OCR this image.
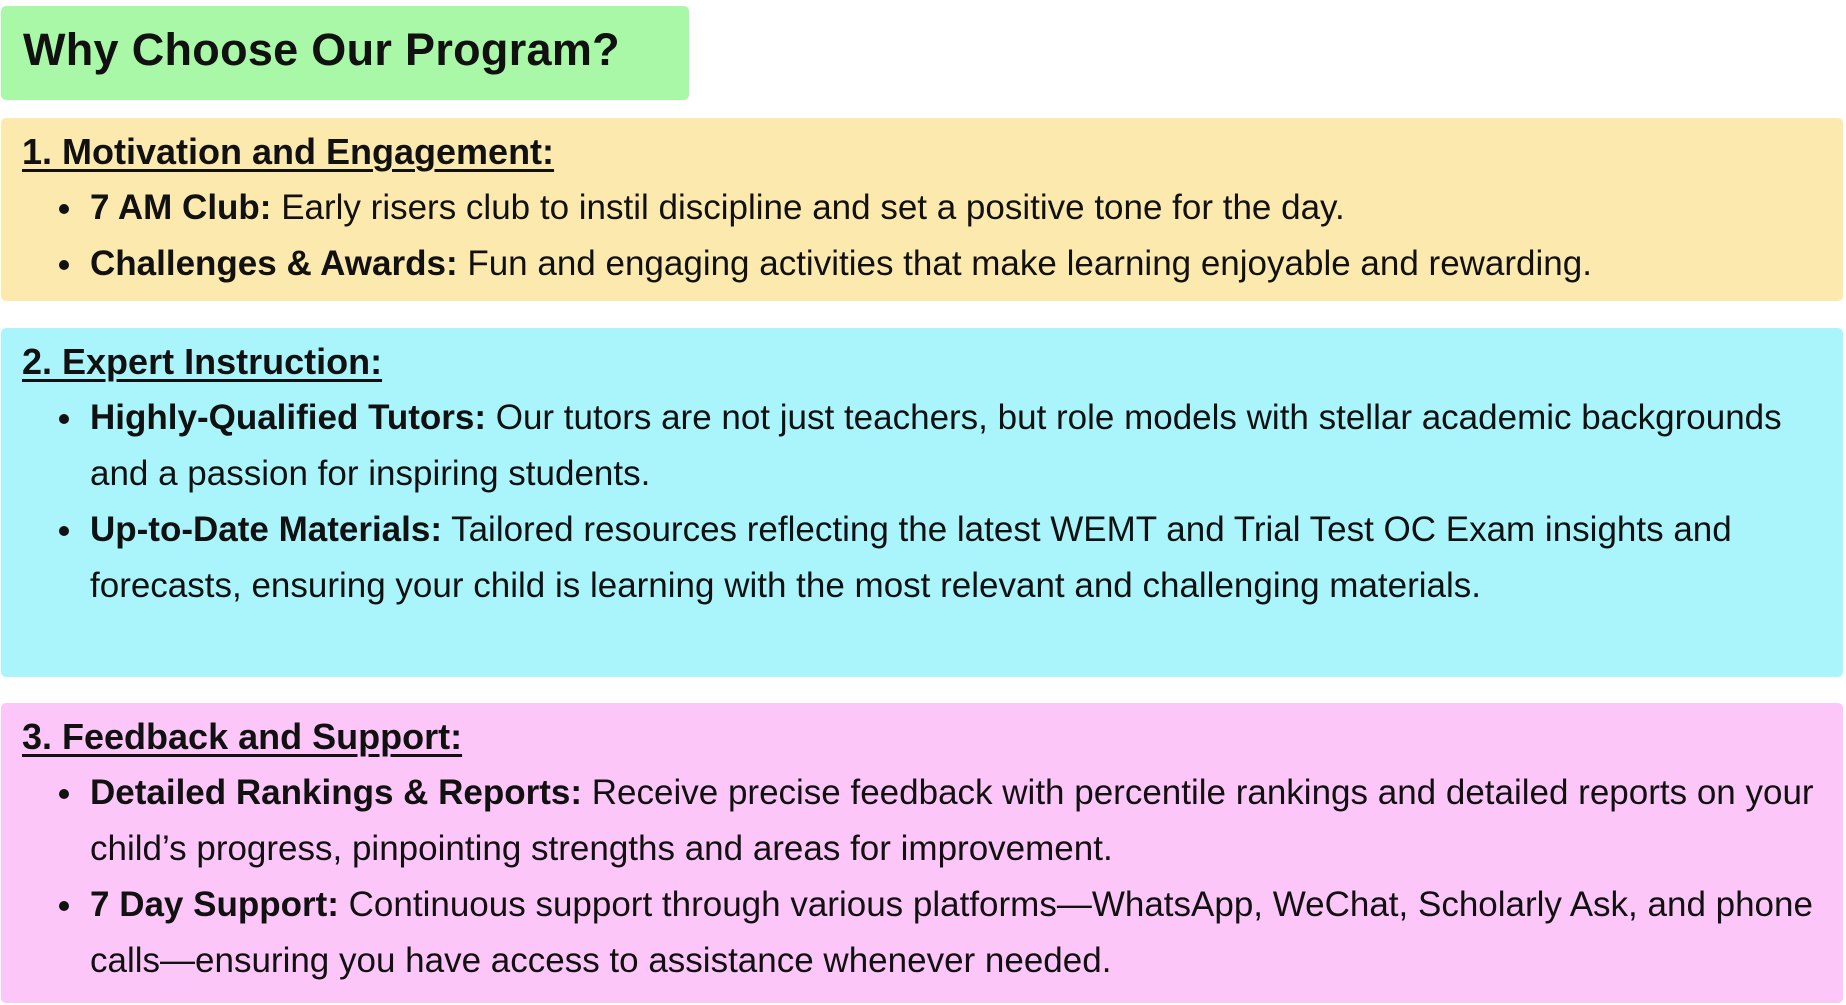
Why Choose Our Program?
1. Motivation and Engagement:
7 AM Club: Early risers club to instil discipline and set a positive tone for the day.
Challenges & Awards: Fun and engaging activities that make learning enjoyable and rewarding.
2. Expert Instruction:
Highly-Qualified Tutors: Our tutors are not just teachers, but role models with stellar academic backgrounds and a passion for inspiring students.
Up-to-Date Materials: Tailored resources reflecting the latest WEMT and Trial Test OC Exam insights and forecasts, ensuring your child is learning with the most relevant and challenging materials.
3. Feedback and Support:
Detailed Rankings & Reports: Receive precise feedback with percentile rankings and detailed reports on your child’s progress, pinpointing strengths and areas for improvement.
7 Day Support: Continuous support through various platforms—WhatsApp, WeChat, Scholarly Ask, and phone calls—ensuring you have access to assistance whenever needed.
